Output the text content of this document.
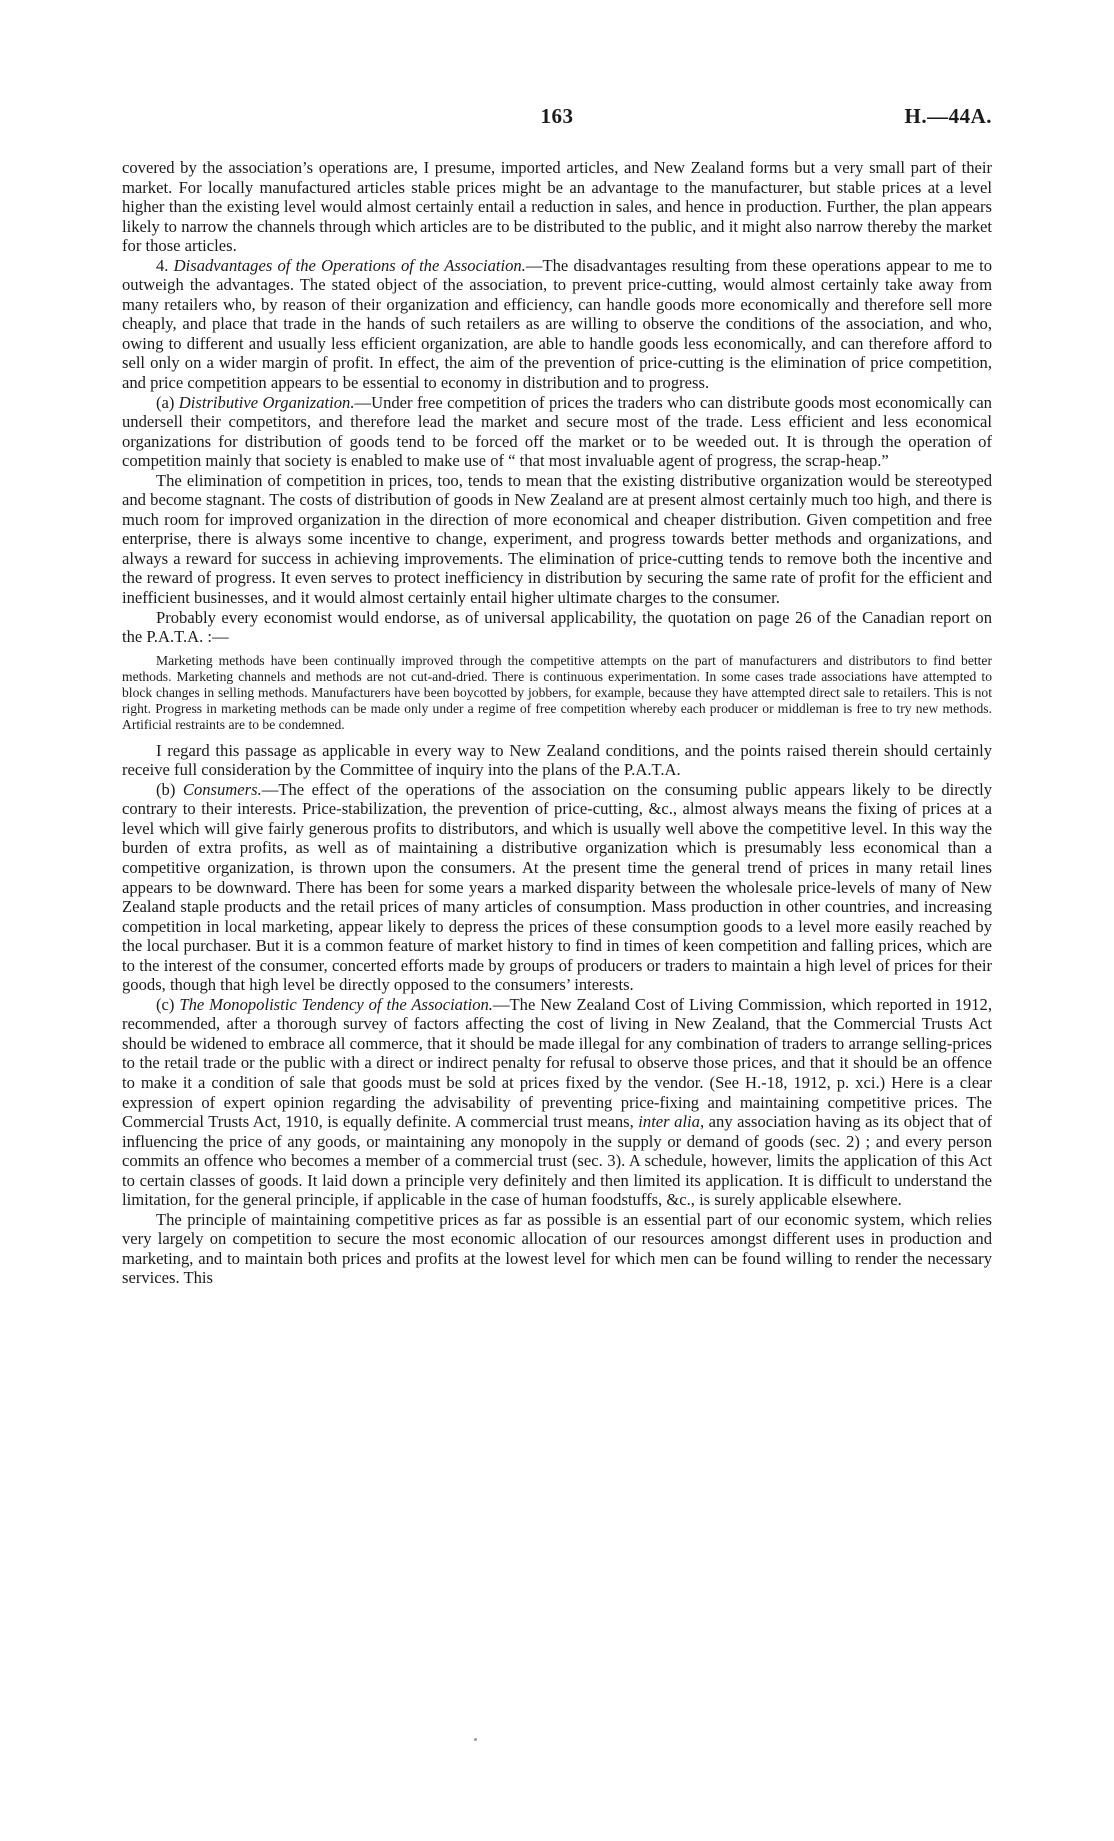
163	H.—44A.

covered by the association’s operations are, I presume, imported articles, and New Zealand forms but a very small part of their market. For locally manufactured articles stable prices might be an advantage to the manufacturer, but stable prices at a level higher than the existing level would almost certainly entail a reduction in sales, and hence in production. Further, the plan appears likely to narrow the channels through which articles are to be distributed to the public, and it might also narrow thereby the market for those articles.

4. Disadvantages of the Operations of the Association.—The disadvantages resulting from these operations appear to me to outweigh the advantages. The stated object of the association, to prevent price-cutting, would almost certainly take away from many retailers who, by reason of their organization and efficiency, can handle goods more economically and therefore sell more cheaply, and place that trade in the hands of such retailers as are willing to observe the conditions of the association, and who, owing to different and usually less efficient organization, are able to handle goods less economically, and can therefore afford to sell only on a wider margin of profit. In effect, the aim of the prevention of price-cutting is the elimination of price competition, and price competition appears to be essential to economy in distribution and to progress.

(a) Distributive Organization.—Under free competition of prices the traders who can distribute goods most economically can undersell their competitors, and therefore lead the market and secure most of the trade. Less efficient and less economical organizations for distribution of goods tend to be forced off the market or to be weeded out. It is through the operation of competition mainly that society is enabled to make use of “ that most invaluable agent of progress, the scrap-heap.”

The elimination of competition in prices, too, tends to mean that the existing distributive organization would be stereotyped and become stagnant. The costs of distribution of goods in New Zealand are at present almost certainly much too high, and there is much room for improved organization in the direction of more economical and cheaper distribution. Given competition and free enterprise, there is always some incentive to change, experiment, and progress towards better methods and organizations, and always a reward for success in achieving improvements. The elimination of price-cutting tends to remove both the incentive and the reward of progress. It even serves to protect inefficiency in distribution by securing the same rate of profit for the efficient and inefficient businesses, and it would almost certainly entail higher ultimate charges to the consumer.

Probably every economist would endorse, as of universal applicability, the quotation on page 26 of the Canadian report on the P.A.T.A. :—

Marketing methods have been continually improved through the competitive attempts on the part of manufacturers and distributors to find better methods. Marketing channels and methods are not cut-and-dried. There is continuous experimentation. In some cases trade associations have attempted to block changes in selling methods. Manufacturers have been boycotted by jobbers, for example, because they have attempted direct sale to retailers. This is not right. Progress in marketing methods can be made only under a regime of free competition whereby each producer or middleman is free to try new methods. Artificial restraints are to be condemned.

I regard this passage as applicable in every way to New Zealand conditions, and the points raised therein should certainly receive full consideration by the Committee of inquiry into the plans of the P.A.T.A.

(b) Consumers.—The effect of the operations of the association on the consuming public appears likely to be directly contrary to their interests. Price-stabilization, the prevention of price-cutting, &c., almost always means the fixing of prices at a level which will give fairly generous profits to distributors, and which is usually well above the competitive level. In this way the burden of extra profits, as well as of maintaining a distributive organization which is presumably less economical than a competitive organization, is thrown upon the consumers. At the present time the general trend of prices in many retail lines appears to be downward. There has been for some years a marked disparity between the wholesale price-levels of many of New Zealand staple products and the retail prices of many articles of consumption. Mass production in other countries, and increasing competition in local marketing, appear likely to depress the prices of these consumption goods to a level more easily reached by the local purchaser. But it is a common feature of market history to find in times of keen competition and falling prices, which are to the interest of the consumer, concerted efforts made by groups of producers or traders to maintain a high level of prices for their goods, though that high level be directly opposed to the consumers’ interests.

(c) The Monopolistic Tendency of the Association.—The New Zealand Cost of Living Commission, which reported in 1912, recommended, after a thorough survey of factors affecting the cost of living in New Zealand, that the Commercial Trusts Act should be widened to embrace all commerce, that it should be made illegal for any combination of traders to arrange selling-prices to the retail trade or the public with a direct or indirect penalty for refusal to observe those prices, and that it should be an offence to make it a condition of sale that goods must be sold at prices fixed by the vendor. (See H.-18, 1912, p. xci.) Here is a clear expression of expert opinion regarding the advisability of preventing price-fixing and maintaining competitive prices. The Commercial Trusts Act, 1910, is equally definite. A commercial trust means, inter alia, any association having as its object that of influencing the price of any goods, or maintaining any monopoly in the supply or demand of goods (sec. 2) ; and every person commits an offence who becomes a member of a commercial trust (sec. 3). A schedule, however, limits the application of this Act to certain classes of goods. It laid down a principle very definitely and then limited its application. It is difficult to understand the limitation, for the general principle, if applicable in the case of human foodstuffs, &c., is surely applicable elsewhere.

The principle of maintaining competitive prices as far as possible is an essential part of our economic system, which relies very largely on competition to secure the most economic allocation of our resources amongst different uses in production and marketing, and to maintain both prices and profits at the lowest level for which men can be found willing to render the necessary services. This
